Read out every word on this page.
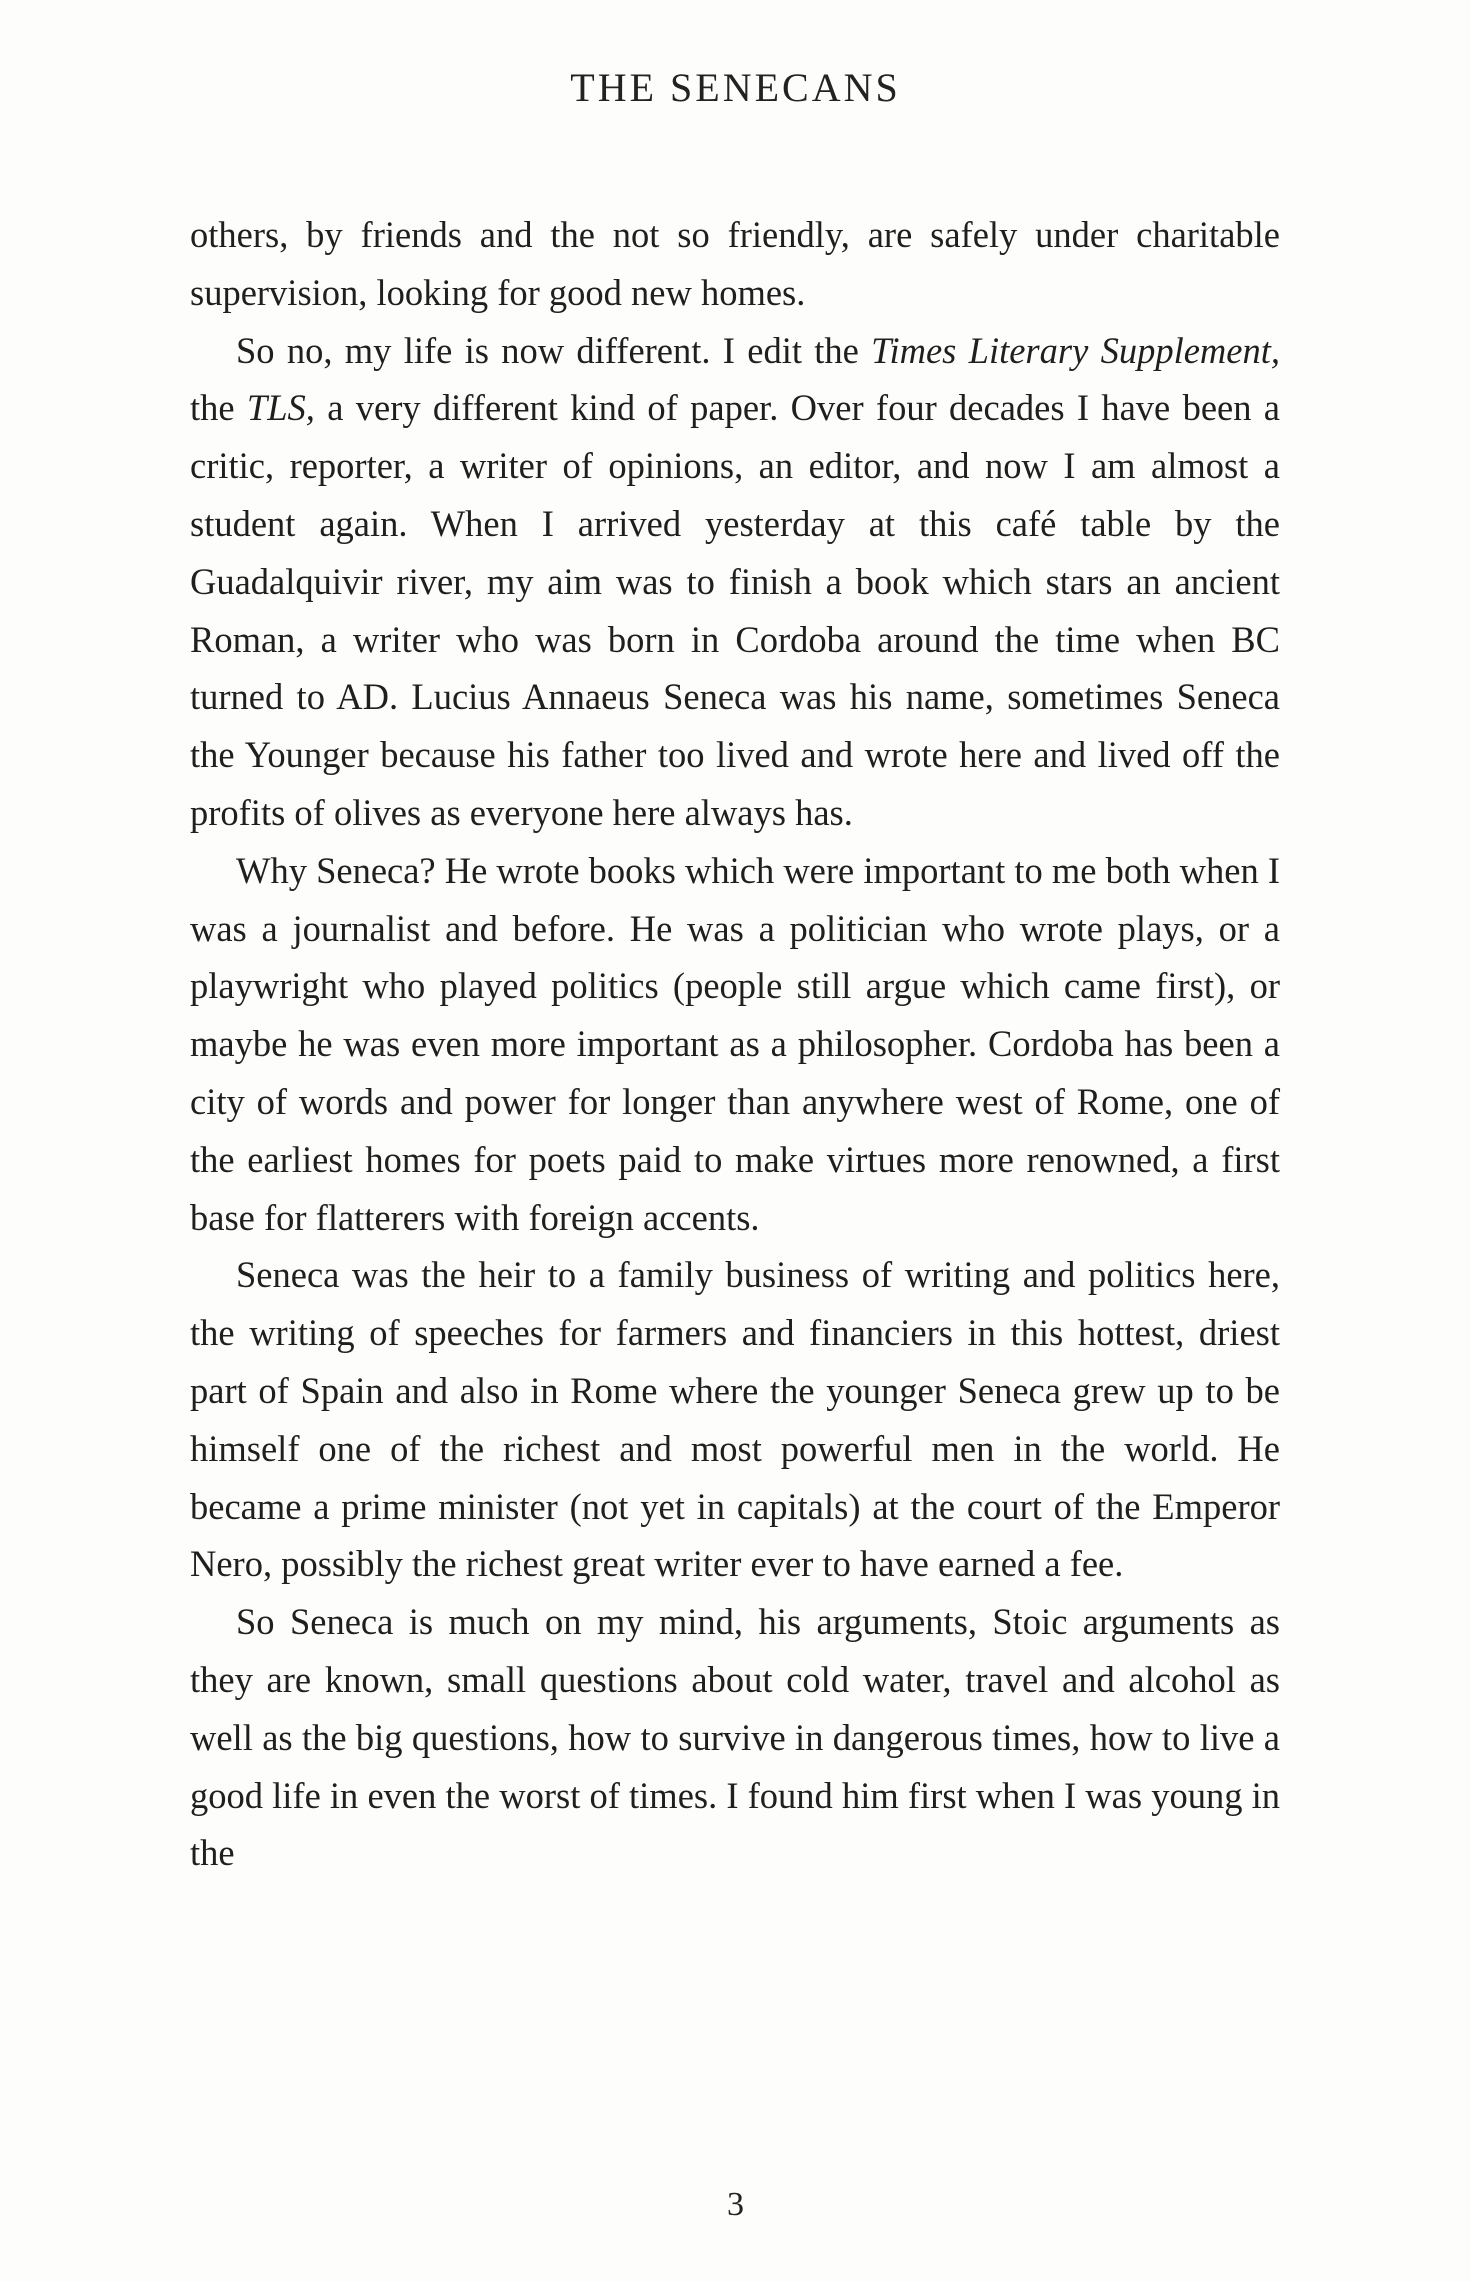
THE SENECANS

others, by friends and the not so friendly, are safely under charitable supervision, looking for good new homes.

So no, my life is now different. I edit the Times Literary Supplement, the TLS, a very different kind of paper. Over four decades I have been a critic, reporter, a writer of opinions, an editor, and now I am almost a student again. When I arrived yesterday at this café table by the Guadalquivir river, my aim was to finish a book which stars an ancient Roman, a writer who was born in Cordoba around the time when BC turned to AD. Lucius Annaeus Seneca was his name, sometimes Seneca the Younger because his father too lived and wrote here and lived off the profits of olives as everyone here always has.

Why Seneca? He wrote books which were important to me both when I was a journalist and before. He was a politician who wrote plays, or a playwright who played politics (people still argue which came first), or maybe he was even more important as a philosopher. Cordoba has been a city of words and power for longer than anywhere west of Rome, one of the earliest homes for poets paid to make virtues more renowned, a first base for flatterers with foreign accents.

Seneca was the heir to a family business of writing and politics here, the writing of speeches for farmers and financiers in this hottest, driest part of Spain and also in Rome where the younger Seneca grew up to be himself one of the richest and most powerful men in the world. He became a prime minister (not yet in capitals) at the court of the Emperor Nero, possibly the richest great writer ever to have earned a fee.

So Seneca is much on my mind, his arguments, Stoic arguments as they are known, small questions about cold water, travel and alcohol as well as the big questions, how to survive in dangerous times, how to live a good life in even the worst of times. I found him first when I was young in the

3
